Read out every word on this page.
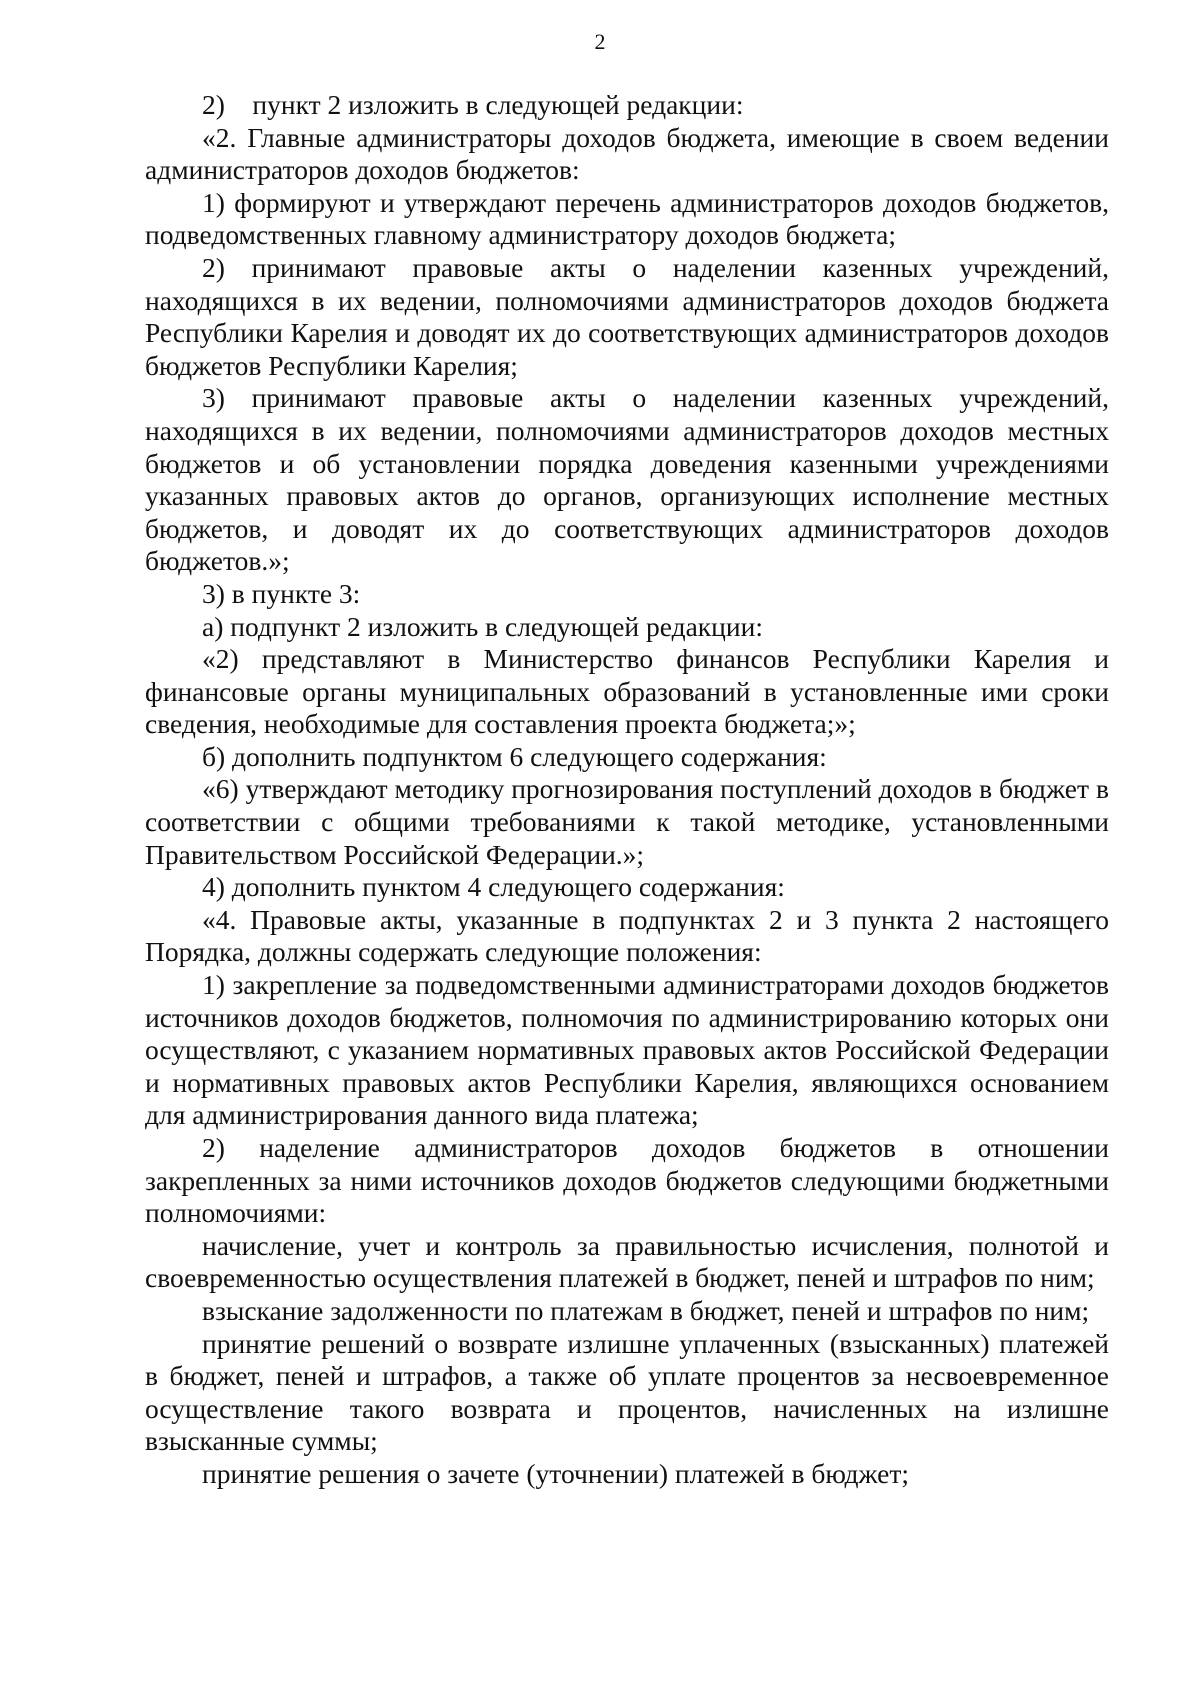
2

2)    пункт 2 изложить в следующей редакции:

«2. Главные администраторы доходов бюджета, имеющие в своем ведении администраторов доходов бюджетов:

1) формируют и утверждают перечень администраторов доходов бюджетов, подведомственных главному администратору доходов бюджета;

2) принимают правовые акты о наделении казенных учреждений, находящихся в их ведении, полномочиями администраторов доходов бюджета Республики Карелия и доводят их до соответствующих администраторов доходов бюджетов Республики Карелия;

3) принимают правовые акты о наделении казенных учреждений, находящихся в их ведении, полномочиями администраторов доходов местных бюджетов и об установлении порядка доведения казенными учреждениями указанных правовых актов до органов, организующих исполнение местных бюджетов, и доводят их до соответствующих администраторов доходов бюджетов.»;

3) в пункте 3:

а) подпункт 2 изложить в следующей редакции:

«2) представляют в Министерство финансов Республики Карелия и финансовые органы муниципальных образований в установленные ими сроки сведения, необходимые для составления проекта бюджета;»;

б) дополнить подпунктом 6 следующего содержания:

«6) утверждают методику прогнозирования поступлений доходов в бюджет в соответствии с общими требованиями к такой методике, установленными Правительством Российской Федерации.»;

4) дополнить пунктом 4 следующего содержания:

«4. Правовые акты, указанные в подпунктах 2 и 3 пункта 2 настоящего Порядка, должны содержать следующие положения:

1) закрепление за подведомственными администраторами доходов бюджетов источников доходов бюджетов, полномочия по администрированию которых они осуществляют, с указанием нормативных правовых актов Российской Федерации и нормативных правовых актов Республики Карелия, являющихся основанием для администрирования данного вида платежа;

2) наделение администраторов доходов бюджетов в отношении закрепленных за ними источников доходов бюджетов следующими бюджетными полномочиями:

начисление, учет и контроль за правильностью исчисления, полнотой и своевременностью осуществления платежей в бюджет, пеней и штрафов по ним;

взыскание задолженности по платежам в бюджет, пеней и штрафов по ним;

принятие решений о возврате излишне уплаченных (взысканных) платежей в бюджет, пеней и штрафов, а также об уплате процентов за несвоевременное осуществление такого возврата и процентов, начисленных на излишне взысканные суммы;

принятие решения о зачете (уточнении) платежей в бюджет;
